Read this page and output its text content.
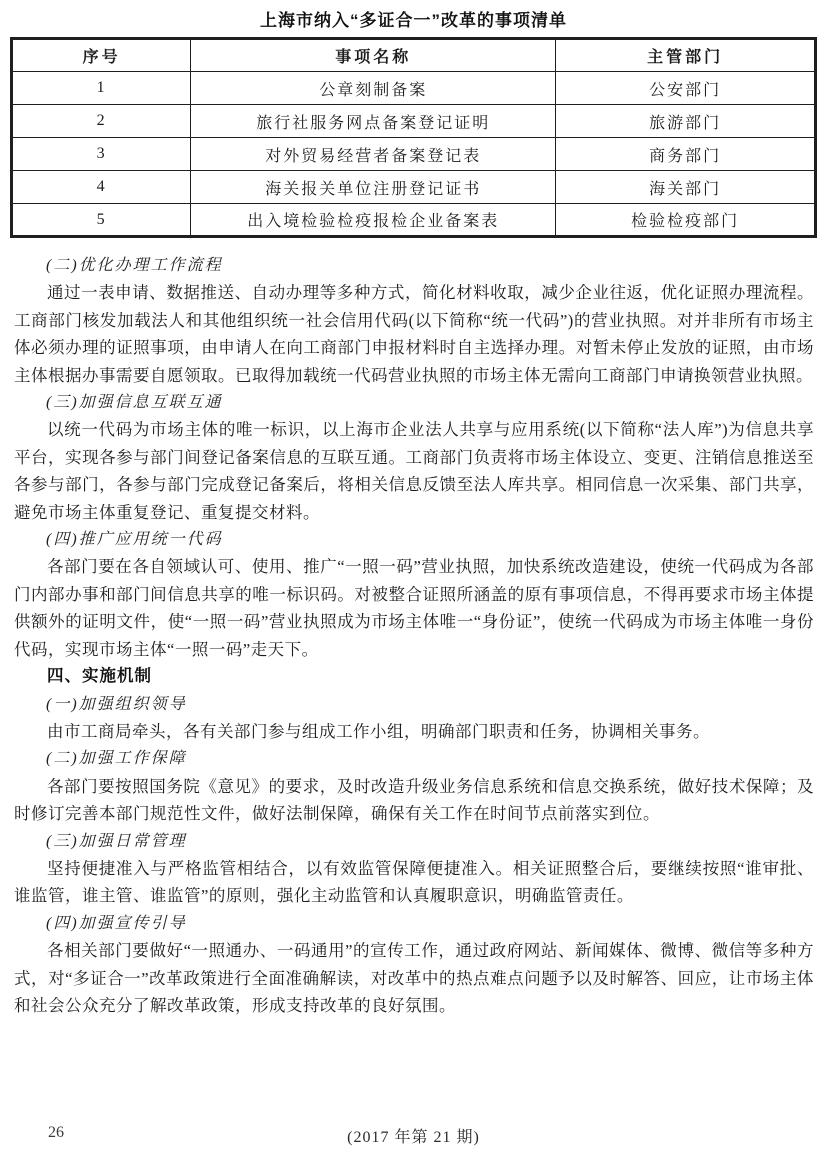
上海市纳入“多证合一”改革的事项清单
序号	事项名称	主管部门
1	公章刻制备案	公安部门
2	旅行社服务网点备案登记证明	旅游部门
3	对外贸易经营者备案登记表	商务部门
4	海关报关单位注册登记证书	海关部门
5	出入境检验检疫报检企业备案表	检验检疫部门

(二)优化办理工作流程

通过一表申请、数据推送、自动办理等多种方式，简化材料收取，减少企业往返，优化证照办理流程。工商部门核发加载法人和其他组织统一社会信用代码(以下简称“统一代码”)的营业执照。对并非所有市场主体必须办理的证照事项，由申请人在向工商部门申报材料时自主选择办理。对暂未停止发放的证照，由市场主体根据办事需要自愿领取。已取得加载统一代码营业执照的市场主体无需向工商部门申请换领营业执照。

(三)加强信息互联互通

以统一代码为市场主体的唯一标识，以上海市企业法人共享与应用系统(以下简称“法人库”)为信息共享平台，实现各参与部门间登记备案信息的互联互通。工商部门负责将市场主体设立、变更、注销信息推送至各参与部门，各参与部门完成登记备案后，将相关信息反馈至法人库共享。相同信息一次采集、部门共享，避免市场主体重复登记、重复提交材料。

(四)推广应用统一代码

各部门要在各自领域认可、使用、推广“一照一码”营业执照，加快系统改造建设，使统一代码成为各部门内部办事和部门间信息共享的唯一标识码。对被整合证照所涵盖的原有事项信息，不得再要求市场主体提供额外的证明文件，使“一照一码”营业执照成为市场主体唯一“身份证”，使统一代码成为市场主体唯一身份代码，实现市场主体“一照一码”走天下。

四、实施机制

(一)加强组织领导

由市工商局牵头，各有关部门参与组成工作小组，明确部门职责和任务，协调相关事务。

(二)加强工作保障

各部门要按照国务院《意见》的要求，及时改造升级业务信息系统和信息交换系统，做好技术保障；及时修订完善本部门规范性文件，做好法制保障，确保有关工作在时间节点前落实到位。

(三)加强日常管理

坚持便捷准入与严格监管相结合，以有效监管保障便捷准入。相关证照整合后，要继续按照“谁审批、谁监管，谁主管、谁监管”的原则，强化主动监管和认真履职意识，明确监管责任。

(四)加强宣传引导

各相关部门要做好“一照通办、一码通用”的宣传工作，通过政府网站、新闻媒体、微博、微信等多种方式，对“多证合一”改革政策进行全面准确解读，对改革中的热点难点问题予以及时解答、回应，让市场主体和社会公众充分了解改革政策，形成支持改革的良好氛围。

26	(2017 年第 21 期)
